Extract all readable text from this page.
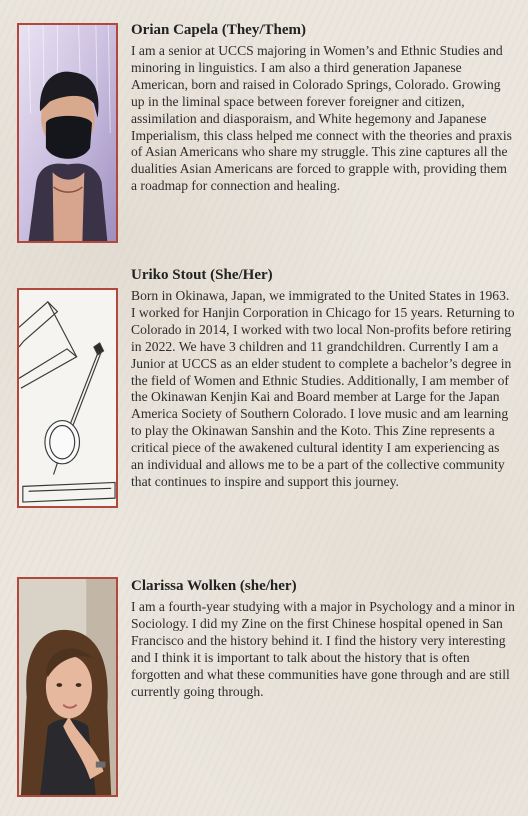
Orian Capela (They/Them)

I am a senior at UCCS majoring in Women’s and Ethnic Studies and minoring in linguistics. I am also a third generation Japanese American, born and raised in Colorado Springs, Colorado. Growing up in the liminal space between forever foreigner and citizen, assimilation and diasporaism, and White hegemony and Japanese Imperialism, this class helped me connect with the theories and praxis of Asian Americans who share my struggle. This zine captures all the dualities Asian Americans are forced to grapple with, providing them a roadmap for connection and healing.

Uriko Stout (She/Her)

Born in Okinawa, Japan, we immigrated to the United States in 1963. I worked for Hanjin Corporation in Chicago for 15 years. Returning to Colorado in 2014, I worked with two local Non-profits before retiring in 2022. We have 3 children and 11 grandchildren. Currently I am a Junior at UCCS as an elder student to complete a bachelor’s degree in the field of Women and Ethnic Studies. Additionally, I am member of the Okinawan Kenjin Kai and Board member at Large for the Japan America Society of Southern Colorado. I love music and am learning to play the Okinawan Sanshin and the Koto. This Zine represents a critical piece of the awakened cultural identity I am experiencing as an individual and allows me to be a part of the collective community that continues to inspire and support this journey.

Clarissa Wolken (she/her)

I am a fourth-year studying with a major in Psychology and a minor in Sociology. I did my Zine on the first Chinese hospital opened in San Francisco and the history behind it. I find the history very interesting and I think it is important to talk about the history that is often forgotten and what these communities have gone through and are still currently going through.
